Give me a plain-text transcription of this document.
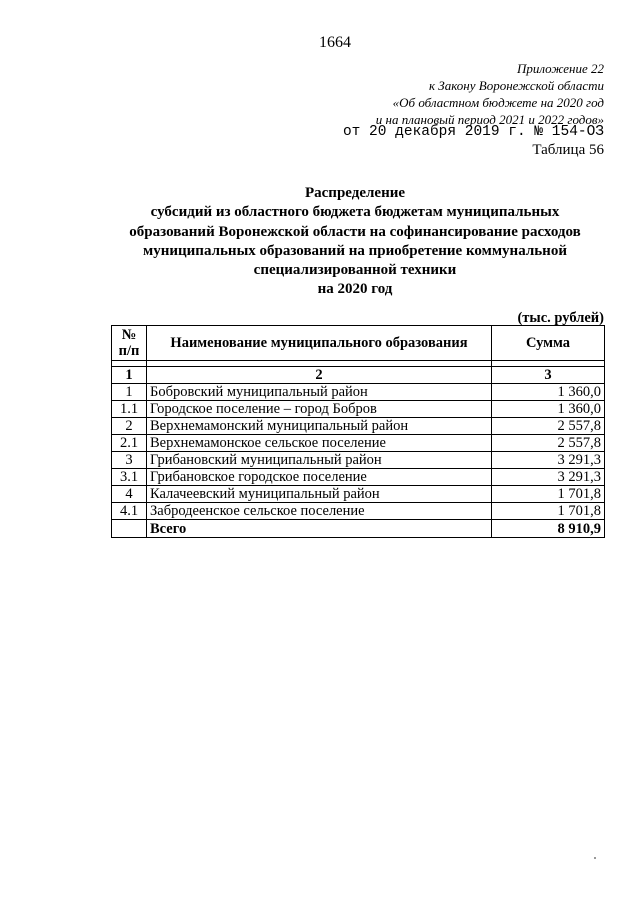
1664
Приложение 22
к Закону Воронежской области
«Об областном бюджете на 2020 год
и на плановый период 2021 и 2022 годов»
от 20 декабря 2019 г. № 154-ОЗ
Таблица 56
Распределение
субсидий из областного бюджета бюджетам муниципальных
образований Воронежской области на софинансирование расходов
муниципальных образований на приобретение коммунальной
специализированной техники
на 2020 год
(тыс. рублей)
№
п/п	Наименование муниципального образования	Сумма

1	2	3
1	Бобровский муниципальный район	1 360,0
1.1	Городское поселение – город Бобров	1 360,0
2	Верхнемамонский муниципальный район	2 557,8
2.1	Верхнемамонское сельское поселение	2 557,8
3	Грибановский муниципальный район	3 291,3
3.1	Грибановское городское поселение	3 291,3
4	Калачеевский муниципальный район	1 701,8
4.1	Забродеенское сельское поселение	1 701,8
	Всего	8 910,9
